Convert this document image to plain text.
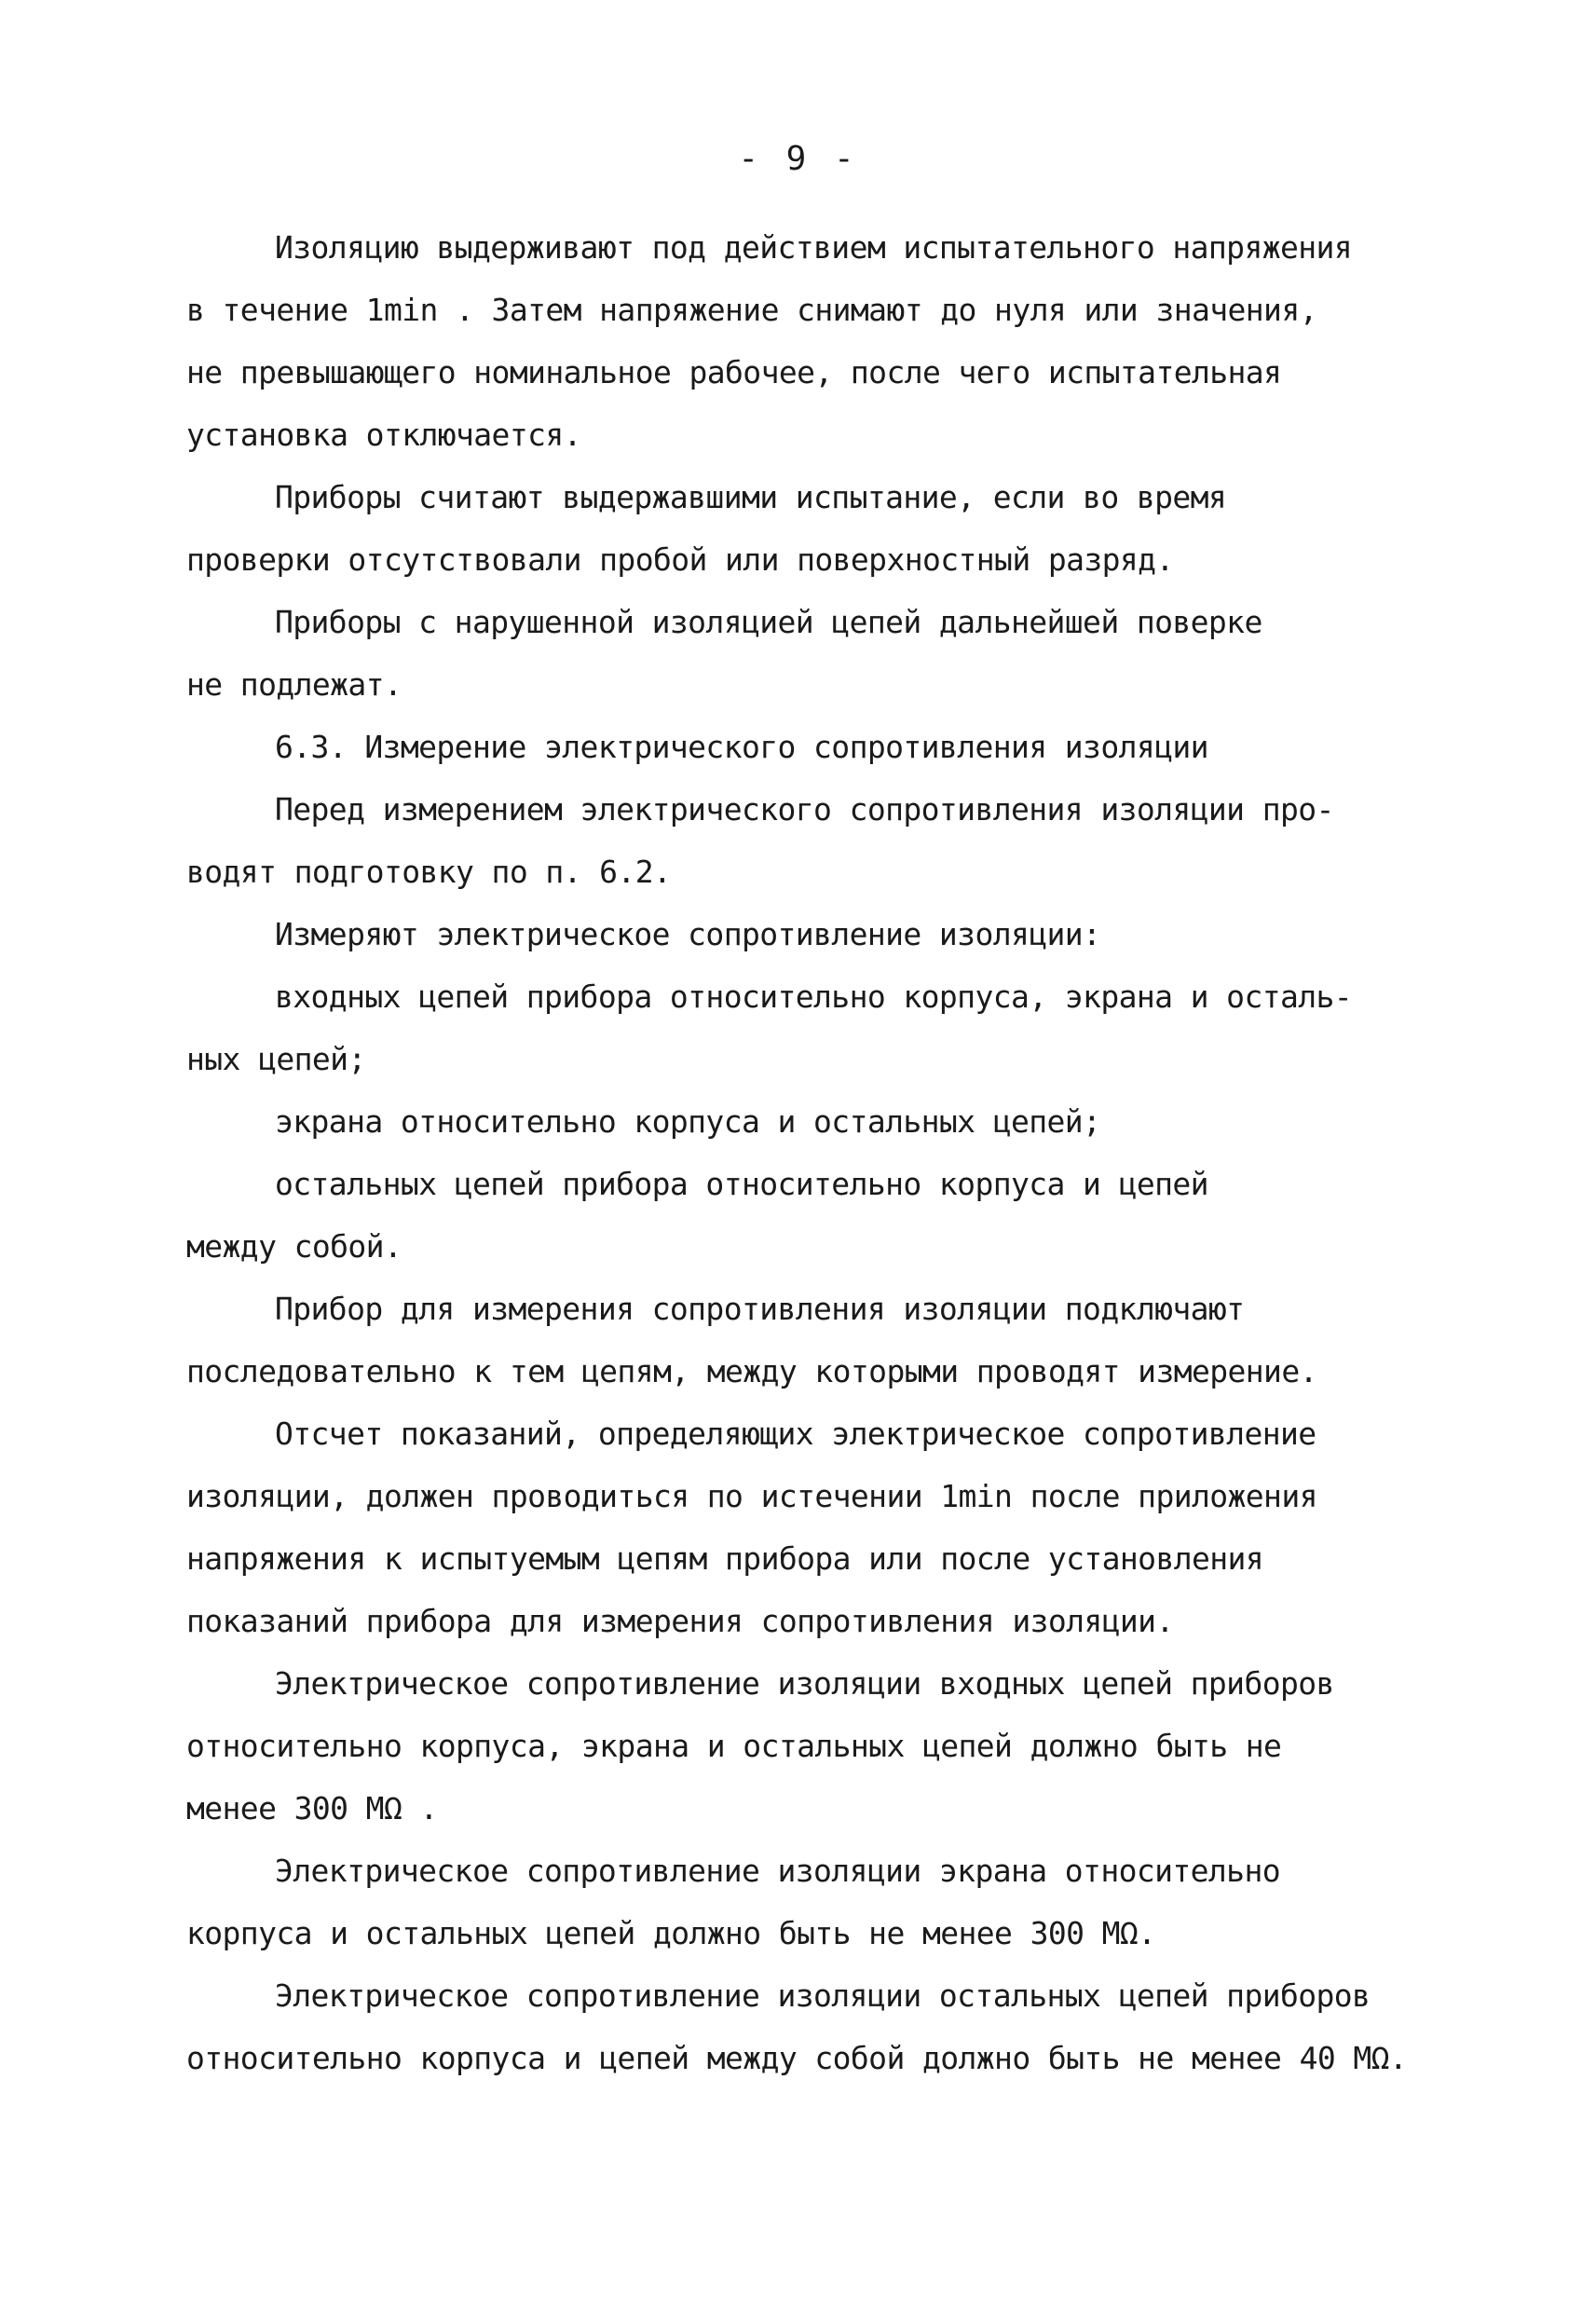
- 9 -
Изоляцию выдерживают под действием испытательного напряжения
в течение 1min . Затем напряжение снимают до нуля или значения,
не превышающего номинальное рабочее, после чего испытательная
установка отключается.
Приборы считают выдержавшими испытание, если во время
проверки отсутствовали пробой или поверхностный разряд.
Приборы с нарушенной изоляцией цепей дальнейшей поверке
не подлежат.
6.3. Измерение электрического сопротивления изоляции
Перед измерением электрического сопротивления изоляции про-
водят подготовку по п. 6.2.
Измеряют электрическое сопротивление изоляции:
входных цепей прибора относительно корпуса, экрана и осталь-
ных цепей;
экрана относительно корпуса и остальных цепей;
остальных цепей прибора относительно корпуса и цепей
между собой.
Прибор для измерения сопротивления изоляции подключают
последовательно к тем цепям, между которыми проводят измерение.
Отсчет показаний, определяющих электрическое сопротивление
изоляции, должен проводиться по истечении 1min после приложения
напряжения к испытуемым цепям прибора или после установления
показаний прибора для измерения сопротивления изоляции.
Электрическое сопротивление изоляции входных цепей приборов
относительно корпуса, экрана и остальных цепей должно быть не
менее 300 MΩ .
Электрическое сопротивление изоляции экрана относительно
корпуса и остальных цепей должно быть не менее 300 MΩ.
Электрическое сопротивление изоляции остальных цепей приборов
относительно корпуса и цепей между собой должно быть не менее 40 MΩ.
